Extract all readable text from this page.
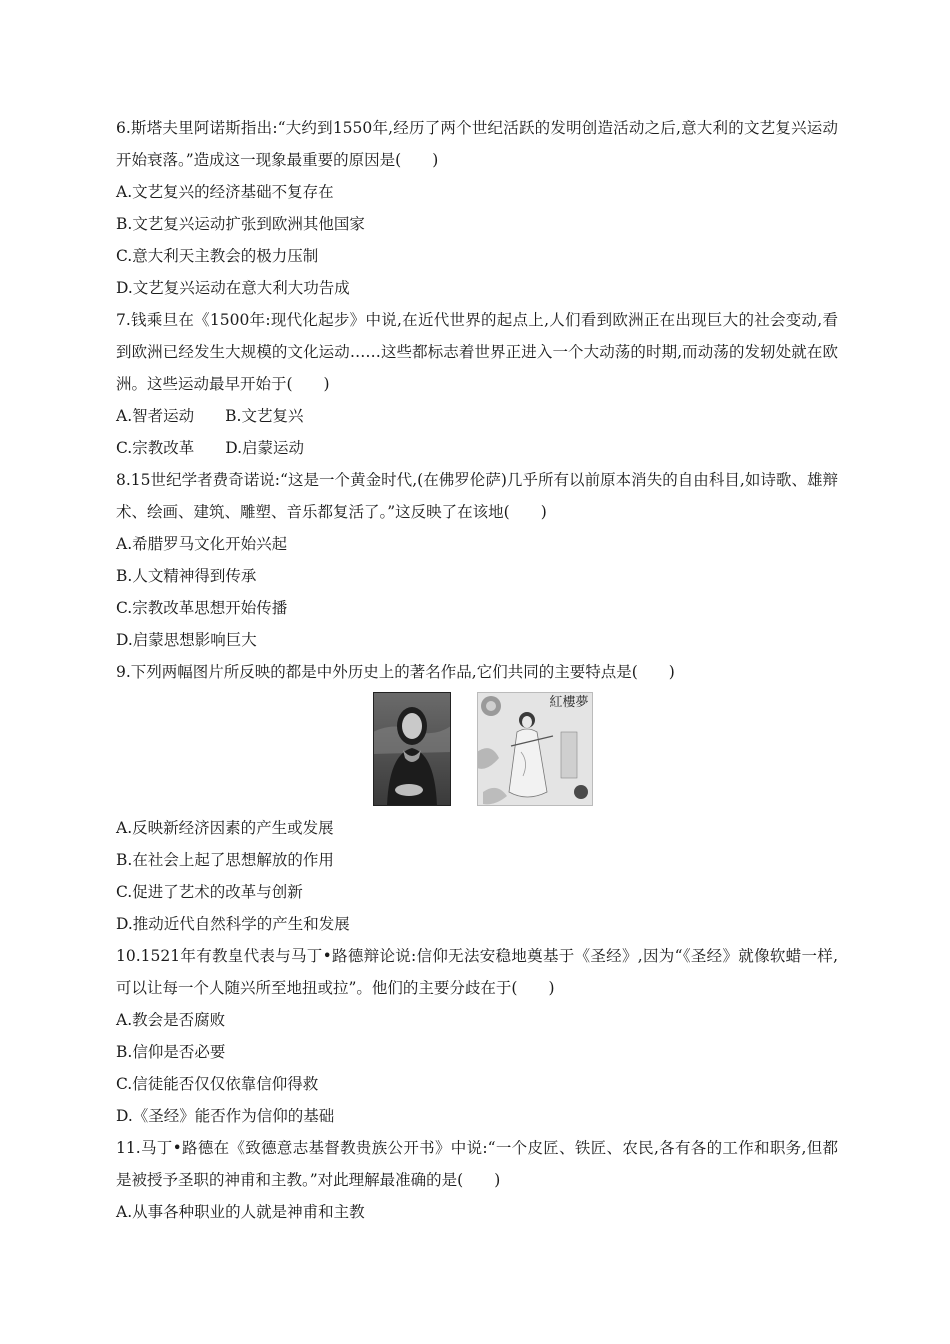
6.斯塔夫里阿诺斯指出:“大约到1550年,经历了两个世纪活跃的发明创造活动之后,意大利的文艺复兴运动开始衰落。”造成这一现象最重要的原因是(　　)
A.文艺复兴的经济基础不复存在
B.文艺复兴运动扩张到欧洲其他国家
C.意大利天主教会的极力压制
D.文艺复兴运动在意大利大功告成
7.钱乘旦在《1500年:现代化起步》中说,在近代世界的起点上,人们看到欧洲正在出现巨大的社会变动,看到欧洲已经发生大规模的文化运动……这些都标志着世界正进入一个大动荡的时期,而动荡的发轫处就在欧洲。这些运动最早开始于(　　)
A.智者运动　　B.文艺复兴
C.宗教改革　　D.启蒙运动
8.15世纪学者费奇诺说:“这是一个黄金时代,(在佛罗伦萨)几乎所有以前原本消失的自由科目,如诗歌、雄辩术、绘画、建筑、雕塑、音乐都复活了。”这反映了在该地(　　)
A.希腊罗马文化开始兴起
B.人文精神得到传承
C.宗教改革思想开始传播
D.启蒙思想影响巨大
9.下列两幅图片所反映的都是中外历史上的著名作品,它们共同的主要特点是(　　)
紅樓夢
A.反映新经济因素的产生或发展
B.在社会上起了思想解放的作用
C.促进了艺术的改革与创新
D.推动近代自然科学的产生和发展
10.1521年有教皇代表与马丁•路德辩论说:信仰无法安稳地奠基于《圣经》,因为“《圣经》就像软蜡一样,可以让每一个人随兴所至地扭或拉”。他们的主要分歧在于(　　)
A.教会是否腐败
B.信仰是否必要
C.信徒能否仅仅依靠信仰得救
D.《圣经》能否作为信仰的基础
11.马丁•路德在《致德意志基督教贵族公开书》中说:“一个皮匠、铁匠、农民,各有各的工作和职务,但都是被授予圣职的神甫和主教。”对此理解最准确的是(　　)
A.从事各种职业的人就是神甫和主教
